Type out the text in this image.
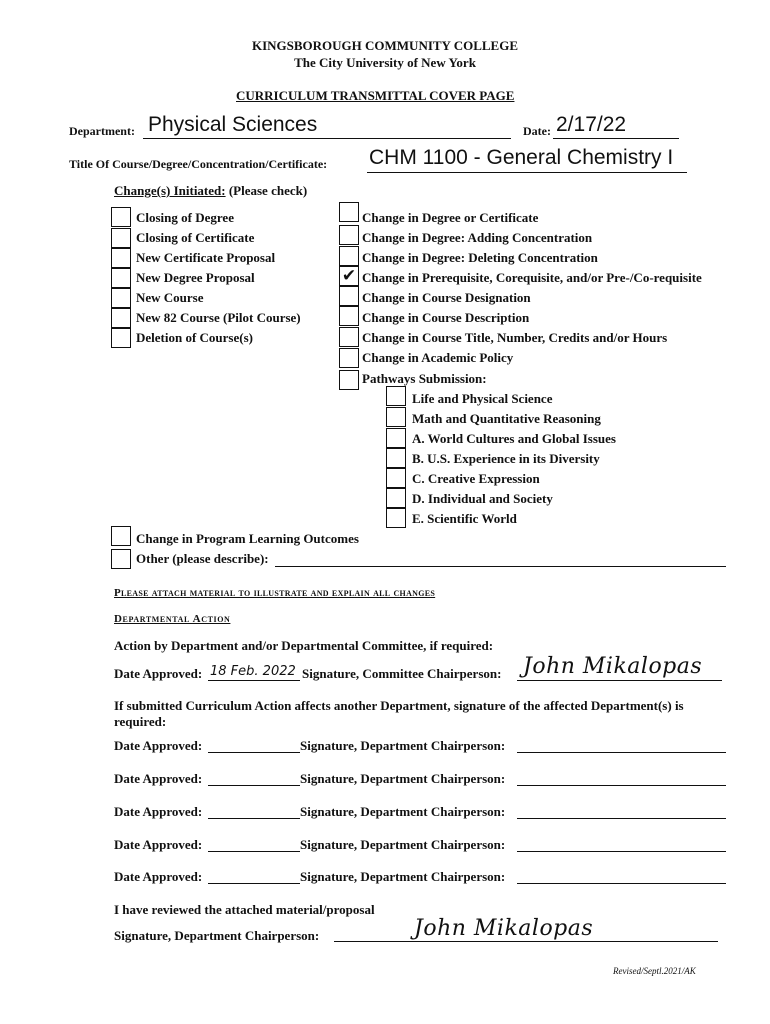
KINGSBOROUGH COMMUNITY COLLEGE
The City University of New York
CURRICULUM TRANSMITTAL COVER PAGE
Department: Physical Sciences	Date: 2/17/22
Title Of Course/Degree/Concentration/Certificate: CHM 1100 - General Chemistry I
Change(s) Initiated: (Please check)
Closing of Degree
Closing of Certificate
New Certificate Proposal
New Degree Proposal
New Course
New 82 Course (Pilot Course)
Deletion of Course(s)
Change in Degree or Certificate
Change in Degree: Adding Concentration
Change in Degree: Deleting Concentration
✔ Change in Prerequisite, Corequisite, and/or Pre-/Co-requisite
Change in Course Designation
Change in Course Description
Change in Course Title, Number, Credits and/or Hours
Change in Academic Policy
Pathways Submission:
Life and Physical Science
Math and Quantitative Reasoning
A. World Cultures and Global Issues
B. U.S. Experience in its Diversity
C. Creative Expression
D. Individual and Society
E. Scientific World
Change in Program Learning Outcomes
Other (please describe):
Please attach material to illustrate and explain all changes
Departmental Action
Action by Department and/or Departmental Committee, if required:
Date Approved: 18 Feb. 2022 Signature, Committee Chairperson: John Mikalopas
If submitted Curriculum Action affects another Department, signature of the affected Department(s) is required:
Date Approved:	Signature, Department Chairperson:
Date Approved:	Signature, Department Chairperson:
Date Approved:	Signature, Department Chairperson:
Date Approved:	Signature, Department Chairperson:
Date Approved:	Signature, Department Chairperson:
I have reviewed the attached material/proposal
Signature, Department Chairperson:	John Mikalopas
Revised/Septl.2021/AK
